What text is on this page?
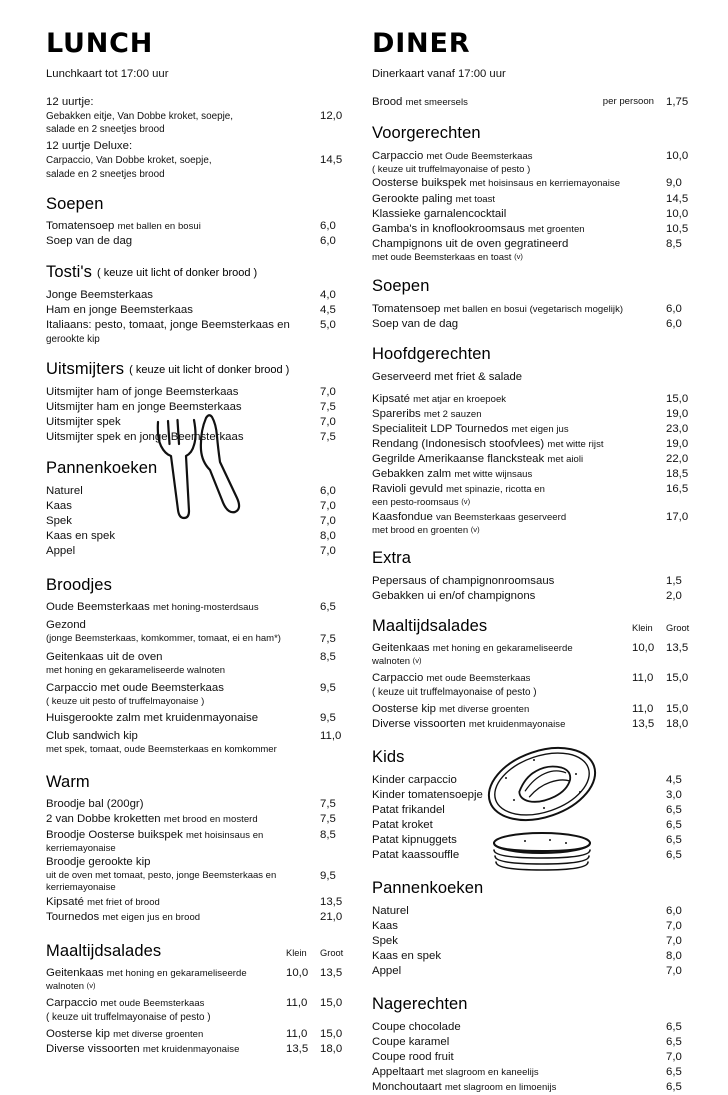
LUNCH
Lunchkaart tot 17:00 uur
12 uurtje:
Gebakken eitje, Van Dobbe kroket, soepje,
salade en 2 sneetjes brood
12,0
12 uurtje Deluxe:
Carpaccio, Van Dobbe kroket, soepje,
salade en 2 sneetjes brood
14,5
Soepen
Tomatensoep met ballen en bosui	6,0
Soep van de dag	6,0
Tosti's ( keuze uit licht of donker brood )
Jonge Beemsterkaas	4,0
Ham en jonge Beemsterkaas	4,5
Italiaans: pesto, tomaat, jonge Beemsterkaas en
gerookte kip
5,0
Uitsmijters ( keuze uit licht of donker brood )
Uitsmijter ham of jonge Beemsterkaas	7,0
Uitsmijter ham en jonge Beemsterkaas	7,5
Uitsmijter spek	7,0
Uitsmijter spek en jonge Beemsterkaas	7,5
Pannenkoeken
Naturel	6,0
Kaas	7,0
Spek	7,0
Kaas en spek	8,0
Appel	7,0
Broodjes
Oude Beemsterkaas met honing-mosterdsaus	6,5
Gezond
(jonge Beemsterkaas, komkommer, tomaat, ei en ham*)	7,5
Geitenkaas uit de oven
met honing en gekarameliseerde walnoten
8,5
Carpaccio met oude Beemsterkaas
( keuze uit pesto of truffelmayonaise )
9,5
Huisgerookte zalm met kruidenmayonaise	9,5
Club sandwich kip
met spek, tomaat, oude Beemsterkaas en komkommer
11,0
Warm
Broodje bal (200gr)	7,5
2 van Dobbe kroketten met brood en mosterd	7,5
Broodje Oosterse buikspek met hoisinsaus en
kerriemayonaise
8,5
Broodje gerookte kip
uit de oven met tomaat, pesto, jonge Beemsterkaas en
kerriemayonaise
9,5
Kipsaté met friet of brood	13,5
Tournedos met eigen jus en brood	21,0
Maaltijdsalades	Klein	Groot
Geitenkaas met honing en gekarameliseerde
walnoten (v)
10,0	13,5
Carpaccio met oude Beemsterkaas
( keuze uit truffelmayonaise of pesto )
11,0	15,0
Oosterse kip met diverse groenten	11,0	15,0
Diverse vissoorten met kruidenmayonaise	13,5	18,0
DINER
Dinerkaart vanaf 17:00 uur
Brood met smeersels	per persoon	1,75
Voorgerechten
Carpaccio met Oude Beemsterkaas
( keuze uit truffelmayonaise of pesto )
10,0
Oosterse buikspek met hoisinsaus en kerriemayonaise	9,0
Gerookte paling met toast	14,5
Klassieke garnalencocktail	10,0
Gamba's in knoflookroomsaus met groenten	10,5
Champignons uit de oven gegratineerd
met oude Beemsterkaas en toast (v)
8,5
Soepen
Tomatensoep met ballen en bosui (vegetarisch mogelijk)	6,0
Soep van de dag	6,0
Hoofdgerechten
Geserveerd met friet & salade
Kipsaté met atjar en kroepoek	15,0
Spareribs met 2 sauzen	19,0
Specialiteit LDP Tournedos met eigen jus	23,0
Rendang (Indonesisch stoofvlees) met witte rijst	19,0
Gegrilde Amerikaanse flancksteak met aioli	22,0
Gebakken zalm met witte wijnsaus	18,5
Ravioli gevuld met spinazie, ricotta en
een pesto-roomsaus (v)
16,5
Kaasfondue van Beemsterkaas geserveerd
met brood en groenten (v)
17,0
Extra
Pepersaus of champignonroomsaus	1,5
Gebakken ui en/of champignons	2,0
Maaltijdsalades	Klein	Groot
Geitenkaas met honing en gekarameliseerde
walnoten (v)
10,0	13,5
Carpaccio met oude Beemsterkaas
( keuze uit truffelmayonaise of pesto )
11,0	15,0
Oosterse kip met diverse groenten	11,0	15,0
Diverse vissoorten met kruidenmayonaise	13,5	18,0
Kids
Kinder carpaccio	4,5
Kinder tomatensoepje	3,0
Patat frikandel	6,5
Patat kroket	6,5
Patat kipnuggets	6,5
Patat kaassouffle	6,5
Pannenkoeken
Naturel	6,0
Kaas	7,0
Spek	7,0
Kaas en spek	8,0
Appel	7,0
Nagerechten
Coupe chocolade	6,5
Coupe karamel	6,5
Coupe rood fruit	7,0
Appeltaart met slagroom en kaneelijs	6,5
Monchoutaart met slagroom en limoenijs	6,5
